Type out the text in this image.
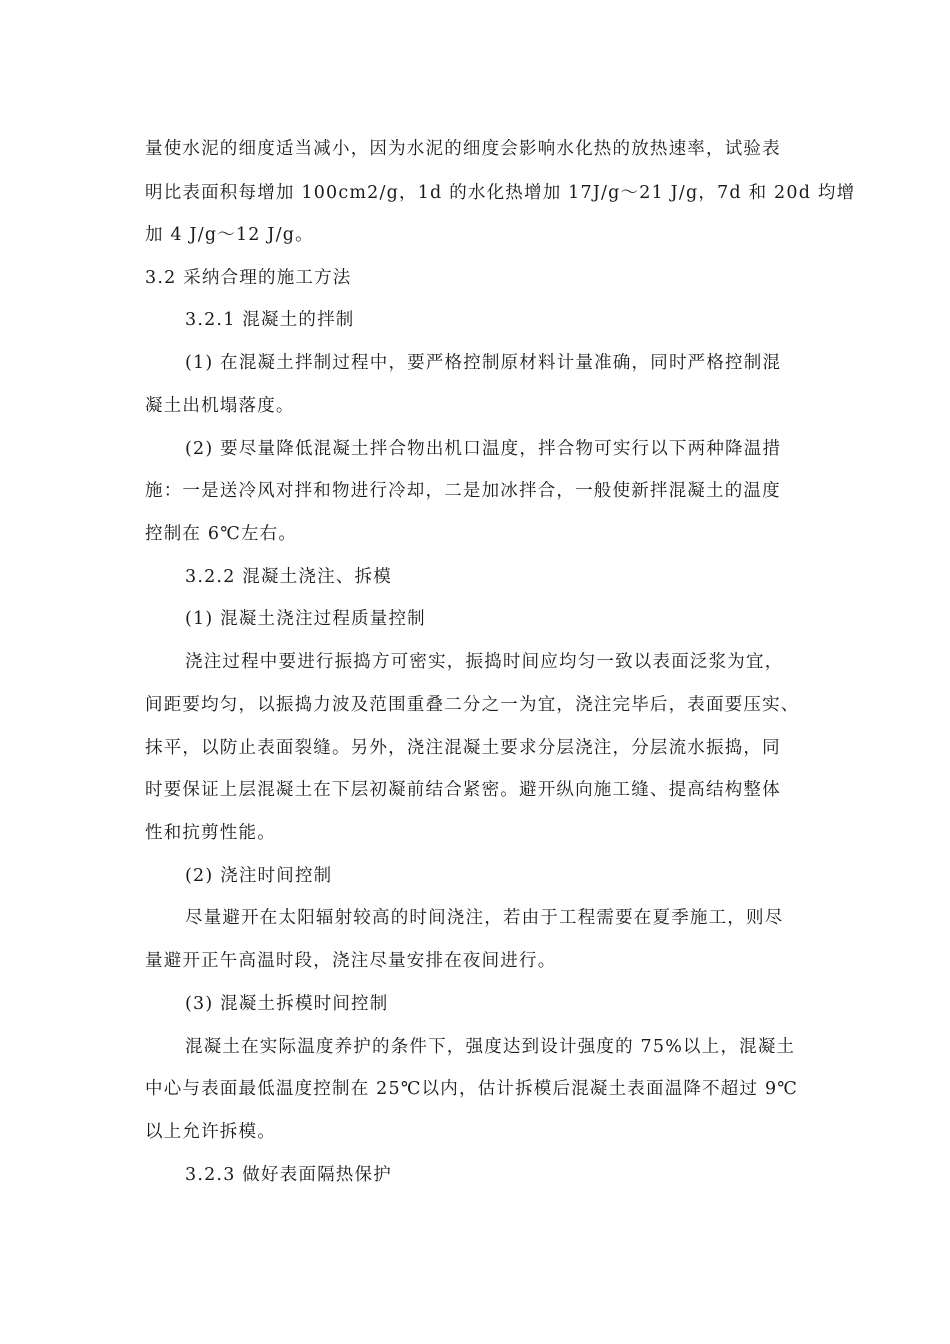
量使水泥的细度适当减小，因为水泥的细度会影响水化热的放热速率，试验表
明比表面积每增加 100cm2/g，1d 的水化热增加 17J/g～21 J/g，7d 和 20d 均增
加 4 J/g～12 J/g。
3.2 采纳合理的施工方法
3.2.1 混凝土的拌制
(1) 在混凝土拌制过程中，要严格控制原材料计量准确，同时严格控制混
凝土出机塌落度。
(2) 要尽量降低混凝土拌合物出机口温度，拌合物可实行以下两种降温措
施：一是送冷风对拌和物进行冷却，二是加冰拌合，一般使新拌混凝土的温度
控制在 6℃左右。
3.2.2 混凝土浇注、拆模
(1) 混凝土浇注过程质量控制
浇注过程中要进行振捣方可密实，振捣时间应均匀一致以表面泛浆为宜，
间距要均匀，以振捣力波及范围重叠二分之一为宜，浇注完毕后，表面要压实、
抹平，以防止表面裂缝。另外，浇注混凝土要求分层浇注，分层流水振捣，同
时要保证上层混凝土在下层初凝前结合紧密。避开纵向施工缝、提高结构整体
性和抗剪性能。
(2) 浇注时间控制
尽量避开在太阳辐射较高的时间浇注，若由于工程需要在夏季施工，则尽
量避开正午高温时段，浇注尽量安排在夜间进行。
(3) 混凝土拆模时间控制
混凝土在实际温度养护的条件下，强度达到设计强度的 75%以上，混凝土
中心与表面最低温度控制在 25℃以内，估计拆模后混凝土表面温降不超过 9℃
以上允许拆模。
3.2.3 做好表面隔热保护
